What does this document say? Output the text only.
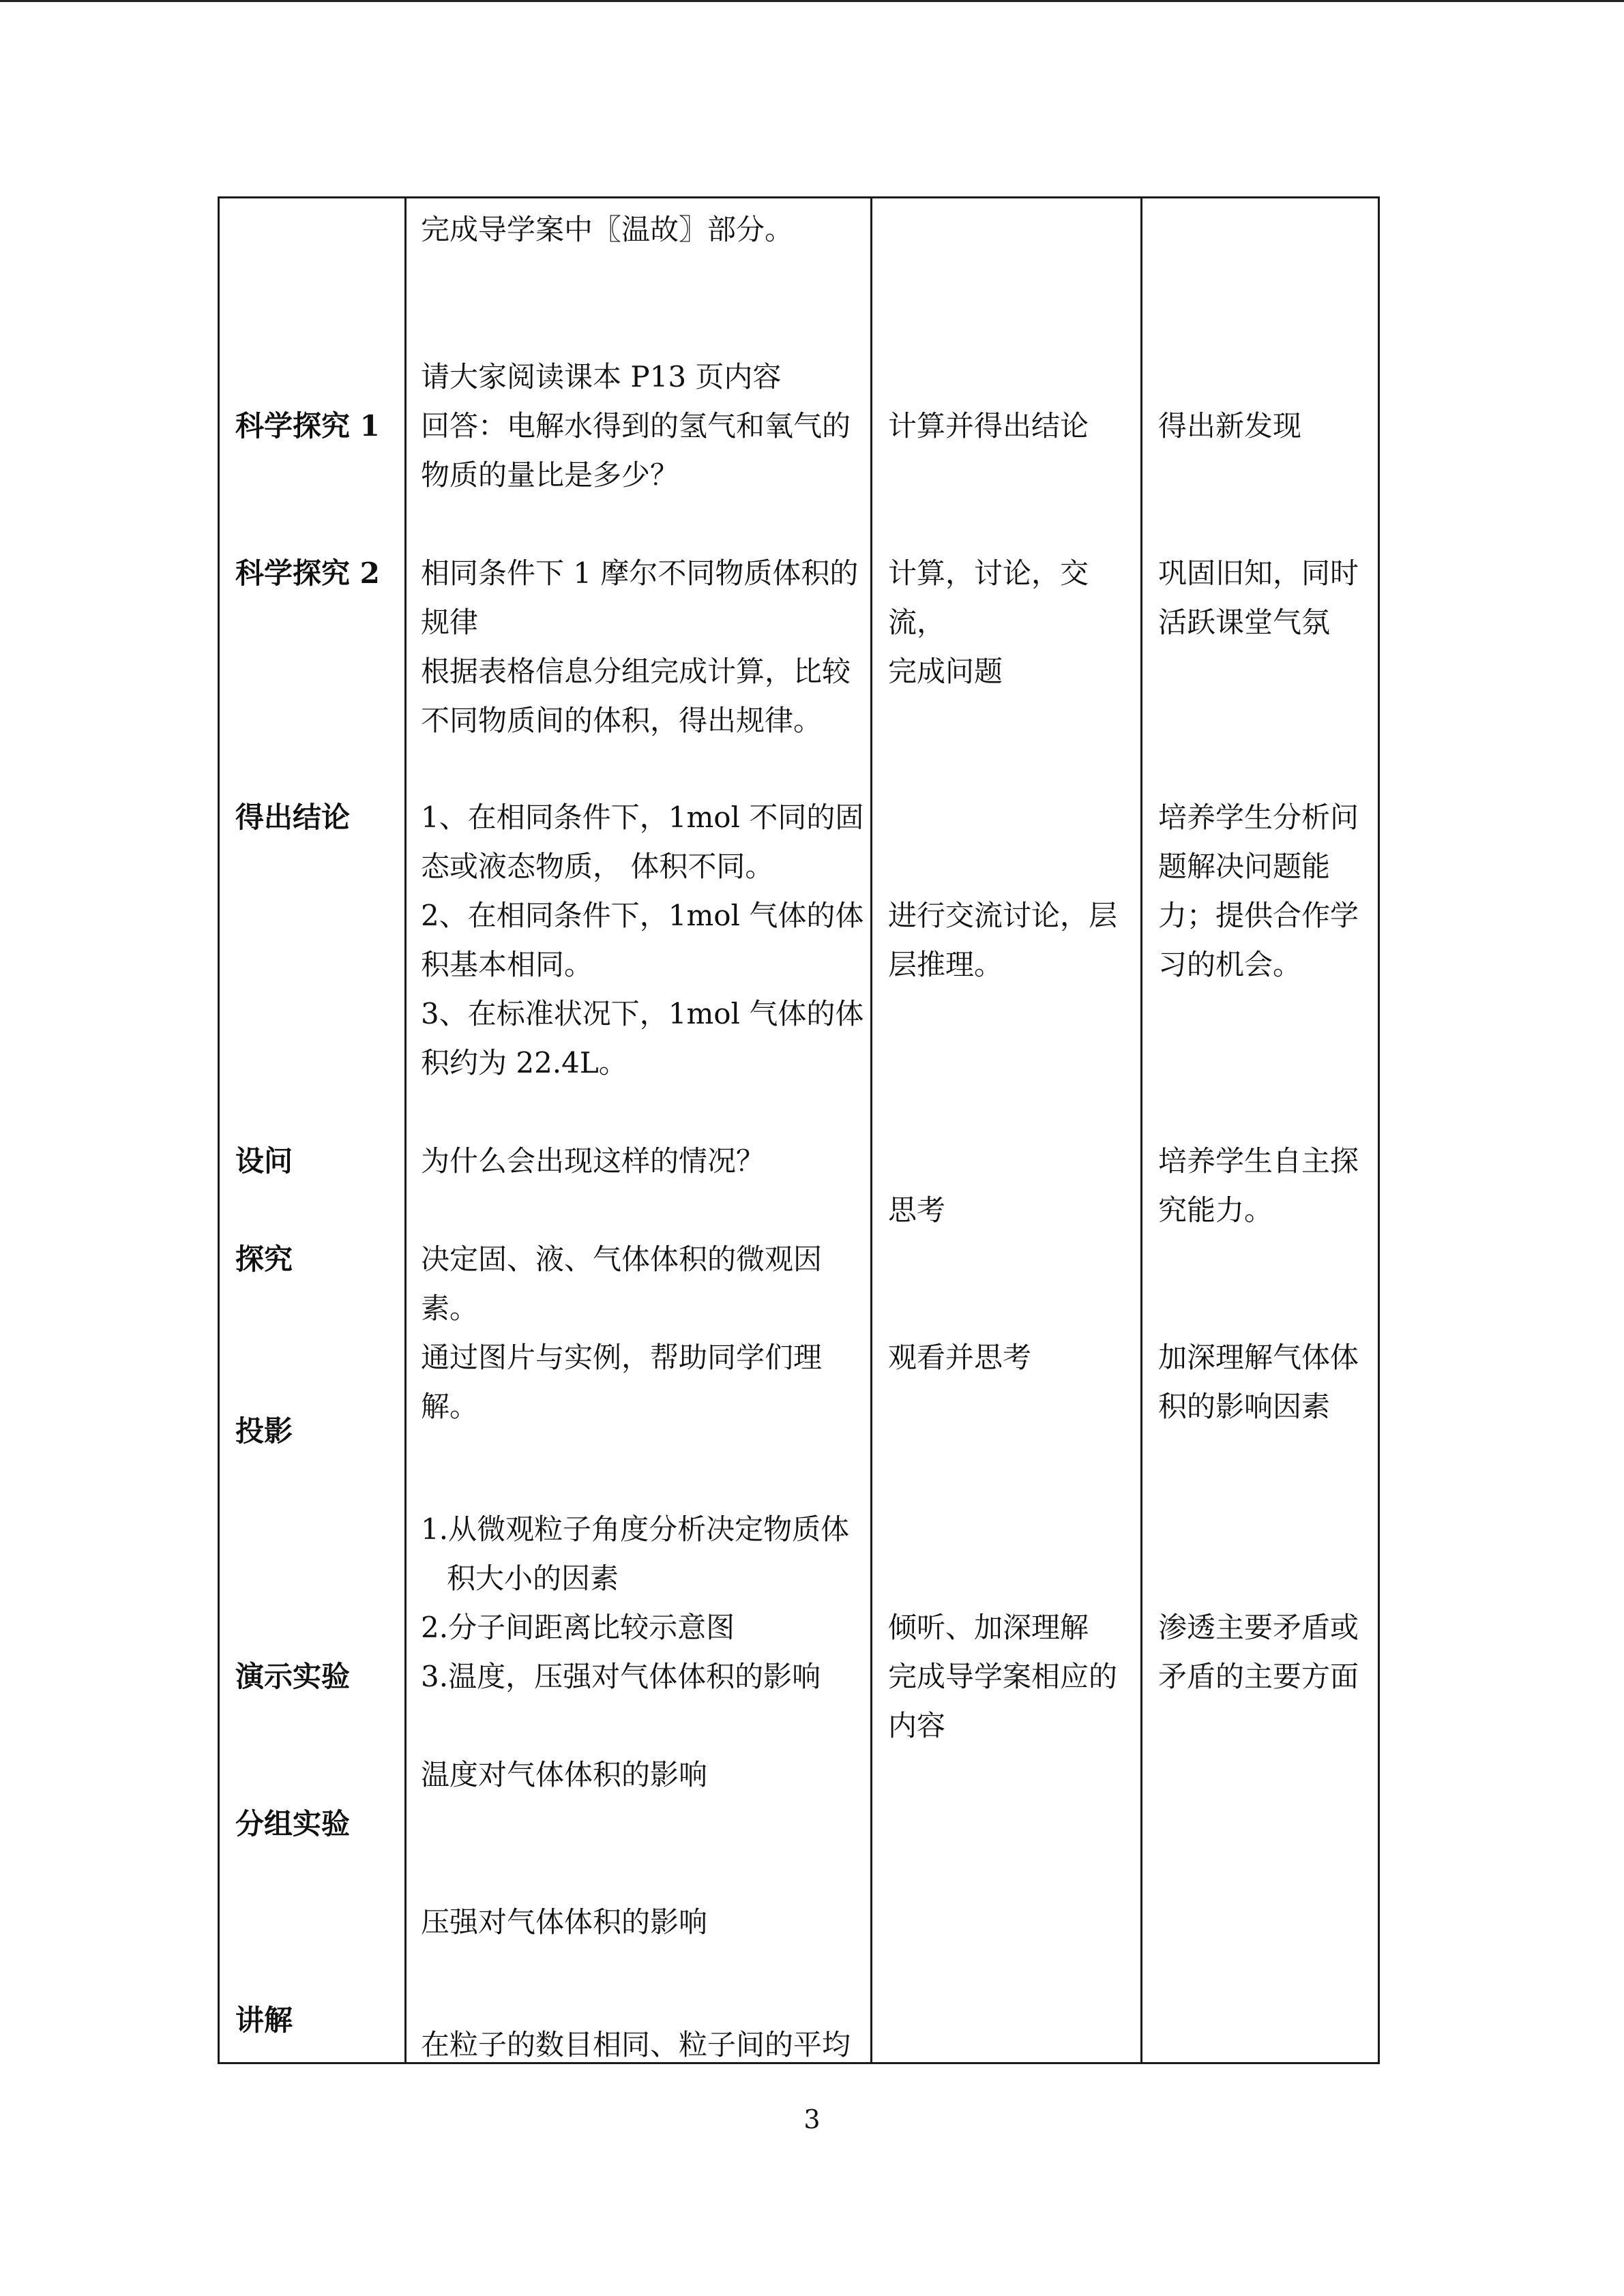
科学探究 1
科学探究 2
得出结论
设问
探究
投影
演示实验
分组实验
讲解
完成导学案中〖温故〗部分。
请大家阅读课本 P13 页内容
回答：电解水得到的氢气和氧气的
物质的量比是多少？
相同条件下 1 摩尔不同物质体积的
规律
根据表格信息分组完成计算，比较
不同物质间的体积，得出规律。
1、在相同条件下，1mol 不同的固
态或液态物质， 体积不同。
2、在相同条件下，1mol 气体的体
积基本相同。
3、在标准状况下，1mol 气体的体
积约为 22.4L。
为什么会出现这样的情况？
决定固、液、气体体积的微观因
素。
通过图片与实例，帮助同学们理
解。
1.从微观粒子角度分析决定物质体
积大小的因素
2.分子间距离比较示意图
3.温度，压强对气体体积的影响
温度对气体体积的影响
压强对气体体积的影响
在粒子的数目相同、粒子间的平均
计算并得出结论
计算，讨论，交
流，
完成问题
进行交流讨论，层
层推理。
思考
观看并思考
倾听、加深理解
完成导学案相应的
内容
得出新发现
巩固旧知，同时
活跃课堂气氛
培养学生分析问
题解决问题能
力；提供合作学
习的机会。
培养学生自主探
究能力。
加深理解气体体
积的影响因素
渗透主要矛盾或
矛盾的主要方面
3
